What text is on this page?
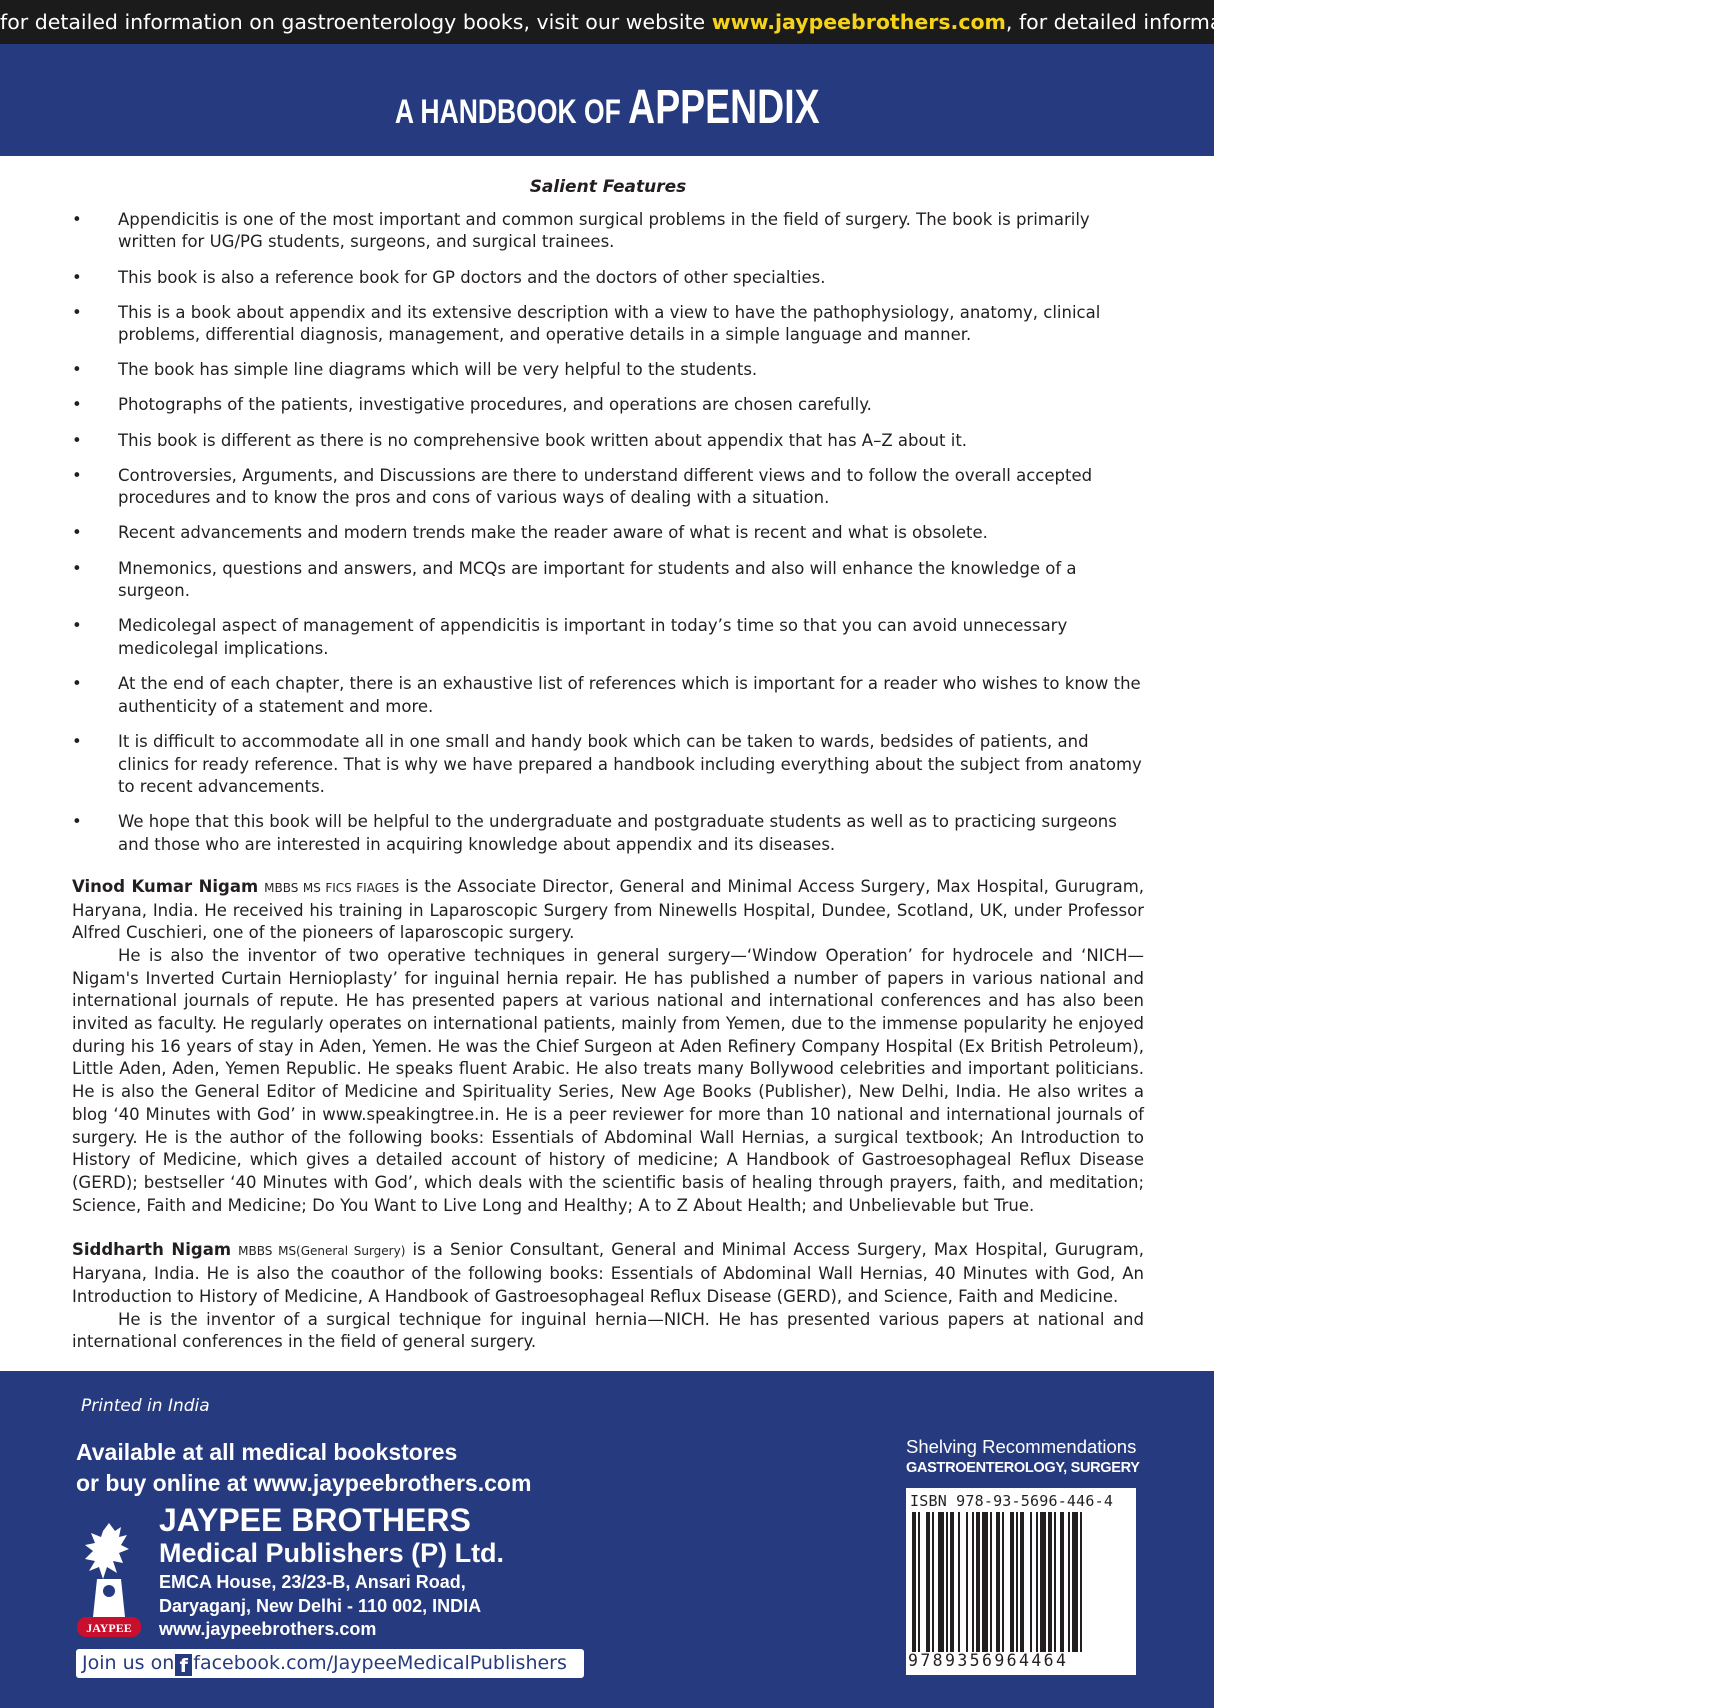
for detailed information on gastroenterology books, visit our website www.jaypeebrothers.com, for detailed information on gastroenterology books, visit our website
A HANDBOOK OF APPENDIX
Salient Features
• Appendicitis is one of the most important and common surgical problems in the field of surgery. The book is primarily written for UG/PG students, surgeons, and surgical trainees.
• This book is also a reference book for GP doctors and the doctors of other specialties.
• This is a book about appendix and its extensive description with a view to have the pathophysiology, anatomy, clinical problems, differential diagnosis, management, and operative details in a simple language and manner.
• The book has simple line diagrams which will be very helpful to the students.
• Photographs of the patients, investigative procedures, and operations are chosen carefully.
• This book is different as there is no comprehensive book written about appendix that has A–Z about it.
• Controversies, Arguments, and Discussions are there to understand different views and to follow the overall accepted procedures and to know the pros and cons of various ways of dealing with a situation.
• Recent advancements and modern trends make the reader aware of what is recent and what is obsolete.
• Mnemonics, questions and answers, and MCQs are important for students and also will enhance the knowledge of a surgeon.
• Medicolegal aspect of management of appendicitis is important in today’s time so that you can avoid unnecessary medicolegal implications.
• At the end of each chapter, there is an exhaustive list of references which is important for a reader who wishes to know the authenticity of a statement and more.
• It is difficult to accommodate all in one small and handy book which can be taken to wards, bedsides of patients, and clinics for ready reference. That is why we have prepared a handbook including everything about the subject from anatomy to recent advancements.
• We hope that this book will be helpful to the undergraduate and postgraduate students as well as to practicing surgeons and those who are interested in acquiring knowledge about appendix and its diseases.

Vinod Kumar Nigam MBBS MS FICS FIAGES is the Associate Director, General and Minimal Access Surgery, Max Hospital, Gurugram, Haryana, India. He received his training in Laparoscopic Surgery from Ninewells Hospital, Dundee, Scotland, UK, under Professor Alfred Cuschieri, one of the pioneers of laparoscopic surgery.

He is also the inventor of two operative techniques in general surgery—‘Window Operation’ for hydrocele and ‘NICH—Nigam's Inverted Curtain Hernioplasty’ for inguinal hernia repair. He has published a number of papers in various national and international journals of repute. He has presented papers at various national and international conferences and has also been invited as faculty. He regularly operates on international patients, mainly from Yemen, due to the immense popularity he enjoyed during his 16 years of stay in Aden, Yemen. He was the Chief Surgeon at Aden Refinery Company Hospital (Ex British Petroleum), Little Aden, Aden, Yemen Republic. He speaks fluent Arabic. He also treats many Bollywood celebrities and important politicians. He is also the General Editor of Medicine and Spirituality Series, New Age Books (Publisher), New Delhi, India. He also writes a blog ‘40 Minutes with God’ in www.speakingtree.in. He is a peer reviewer for more than 10 national and international journals of surgery. He is the author of the following books: Essentials of Abdominal Wall Hernias, a surgical textbook; An Introduction to History of Medicine, which gives a detailed account of history of medicine; A Handbook of Gastroesophageal Reflux Disease (GERD); bestseller ‘40 Minutes with God’, which deals with the scientific basis of healing through prayers, faith, and meditation; Science, Faith and Medicine; Do You Want to Live Long and Healthy; A to Z About Health; and Unbelievable but True.

Siddharth Nigam MBBS MS(General Surgery) is a Senior Consultant, General and Minimal Access Surgery, Max Hospital, Gurugram, Haryana, India. He is also the coauthor of the following books: Essentials of Abdominal Wall Hernias, 40 Minutes with God, An Introduction to History of Medicine, A Handbook of Gastroesophageal Reflux Disease (GERD), and Science, Faith and Medicine.

He is the inventor of a surgical technique for inguinal hernia—NICH. He has presented various papers at national and international conferences in the field of general surgery.

Printed in India
Available at all medical bookstores
or buy online at www.jaypeebrothers.com
JAYPEE
JAYPEE BROTHERS
Medical Publishers (P) Ltd.
EMCA House, 23/23-B, Ansari Road,
Daryaganj, New Delhi - 110 002, INDIA
www.jaypeebrothers.com
Join us on f facebook.com/JaypeeMedicalPublishers
Shelving Recommendations
GASTROENTEROLOGY, SURGERY
ISBN 978-93-5696-446-4
9789356964464
